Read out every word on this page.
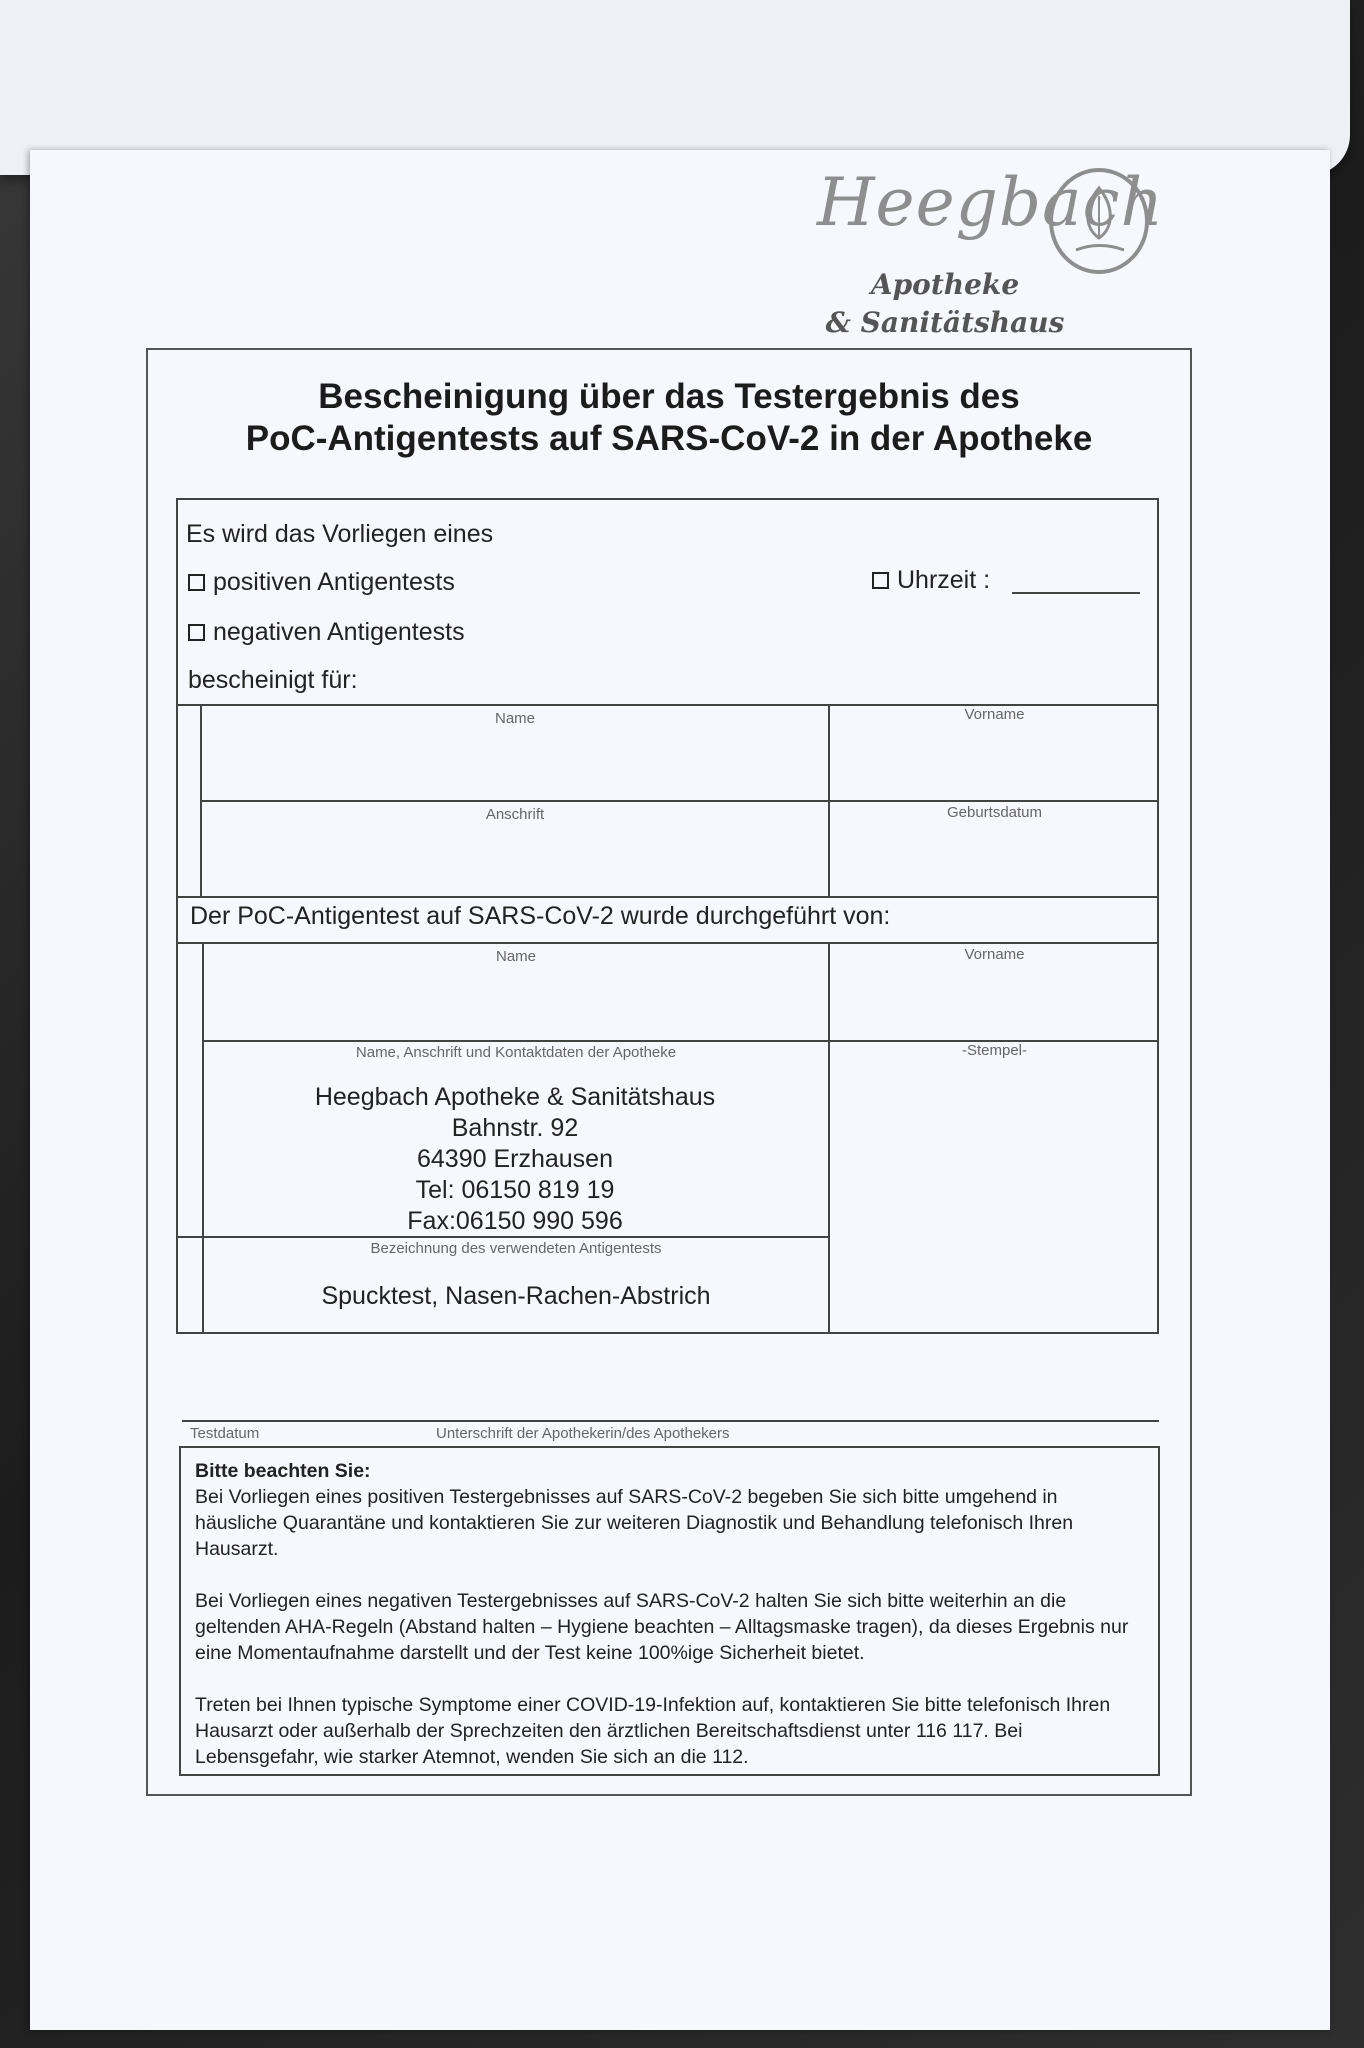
Heegbach
Apotheke
& Sanitätshaus
Bescheinigung über das Testergebnis des
PoC-Antigentests auf SARS-CoV-2 in der Apotheke
Es wird das Vorliegen eines
positiven Antigentests	Uhrzeit :
negativen Antigentests
bescheinigt für:
Name	Vorname
Anschrift	Geburtsdatum
Der PoC-Antigentest auf SARS-CoV-2 wurde durchgeführt von:
Name	Vorname
Name, Anschrift und Kontaktdaten der Apotheke	-Stempel-
Heegbach Apotheke & Sanitätshaus
Bahnstr. 92
64390 Erzhausen
Tel: 06150 819 19
Fax:06150 990 596
Bezeichnung des verwendeten Antigentests
Spucktest, Nasen-Rachen-Abstrich
Testdatum	Unterschrift der Apothekerin/des Apothekers

Bitte beachten Sie:

Bei Vorliegen eines positiven Testergebnisses auf SARS-CoV-2 begeben Sie sich bitte umgehend in häusliche Quarantäne und kontaktieren Sie zur weiteren Diagnostik und Behandlung telefonisch Ihren Hausarzt.

Bei Vorliegen eines negativen Testergebnisses auf SARS-CoV-2 halten Sie sich bitte weiterhin an die geltenden AHA-Regeln (Abstand halten – Hygiene beachten – Alltagsmaske tragen), da dieses Ergebnis nur eine Momentaufnahme darstellt und der Test keine 100%ige Sicherheit bietet.

Treten bei Ihnen typische Symptome einer COVID-19-Infektion auf, kontaktieren Sie bitte telefonisch Ihren Hausarzt oder außerhalb der Sprechzeiten den ärztlichen Bereitschaftsdienst unter 116 117. Bei Lebensgefahr, wie starker Atemnot, wenden Sie sich an die 112.
